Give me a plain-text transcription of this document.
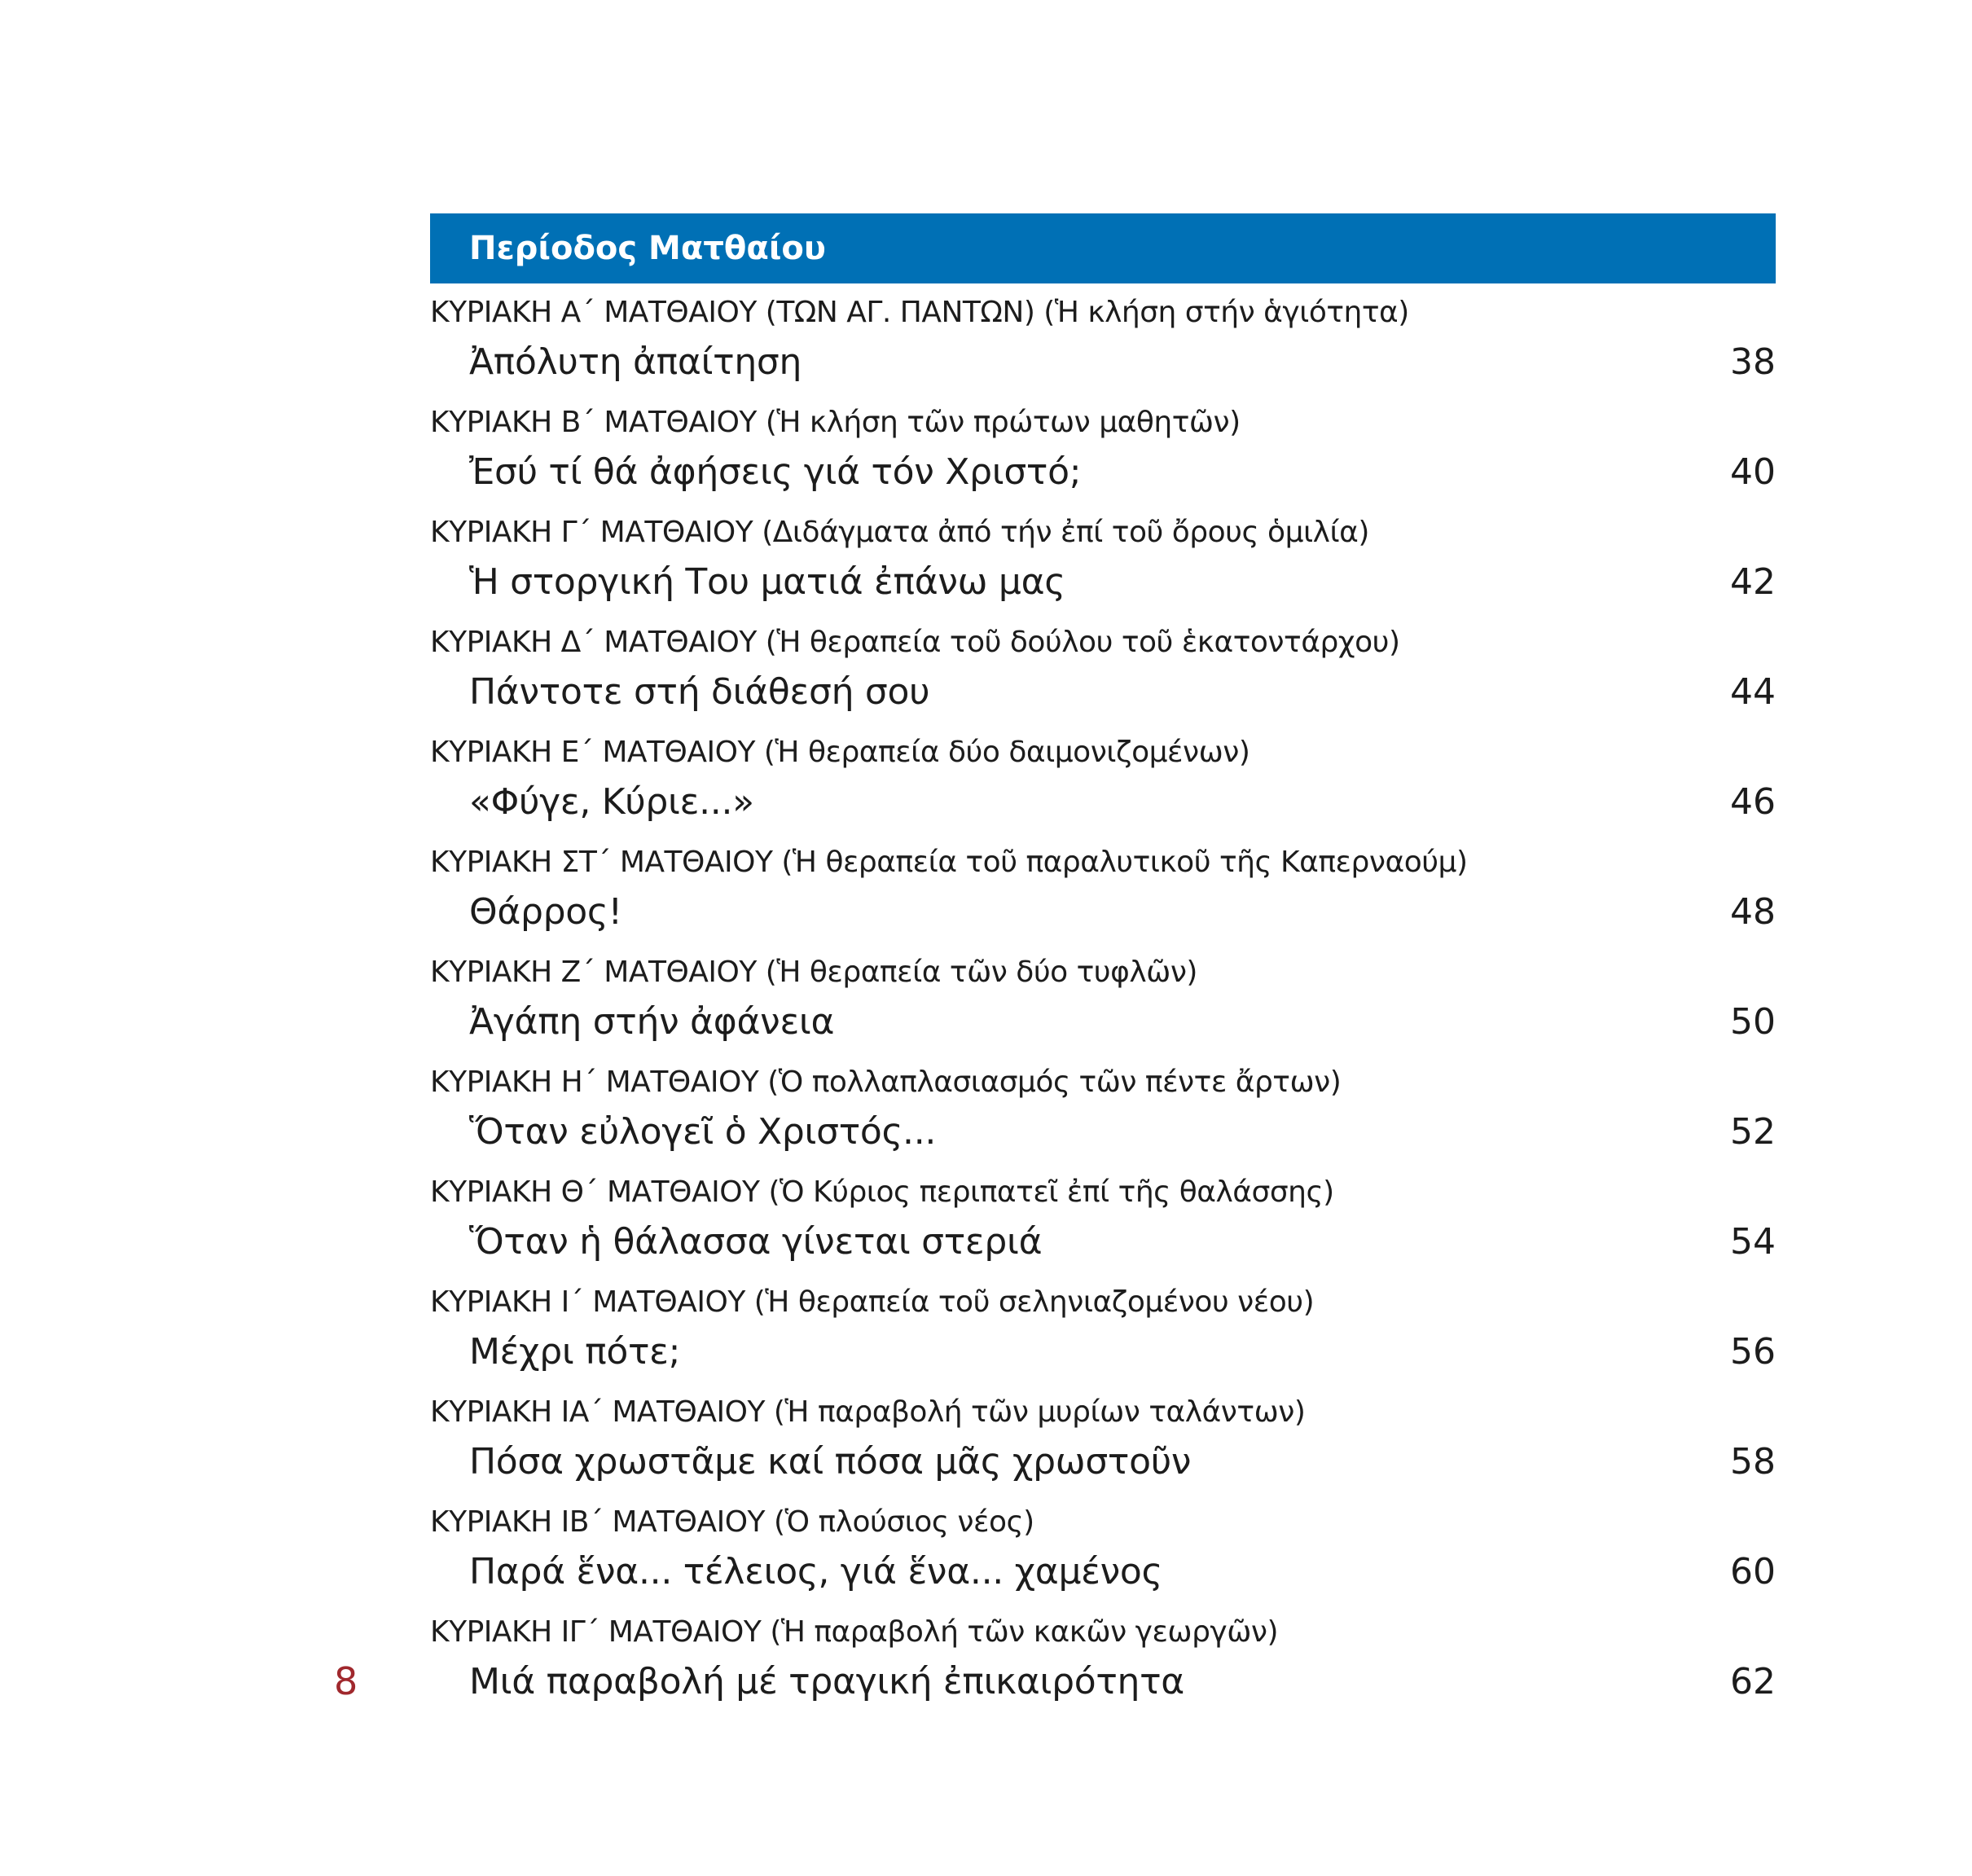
Περίοδος Ματθαίου
ΚΥΡΙΑΚΗ Α΄ ΜΑΤΘΑΙΟΥ (ΤΩΝ ΑΓ. ΠΑΝΤΩΝ) (Ἡ κλήση στήν ἁγιότητα)
Ἀπόλυτη ἀπαίτηση	38
ΚΥΡΙΑΚΗ Β΄ ΜΑΤΘΑΙΟΥ (Ἡ κλήση τῶν πρώτων μαθητῶν)
Ἐσύ τί θά ἀφήσεις γιά τόν Χριστό;	40
ΚΥΡΙΑΚΗ Γ΄ ΜΑΤΘΑΙΟΥ (Διδάγματα ἀπό τήν ἐπί τοῦ ὄρους ὁμιλία)
Ἡ στοργική Του ματιά ἐπάνω μας	42
ΚΥΡΙΑΚΗ Δ΄ ΜΑΤΘΑΙΟΥ (Ἡ θεραπεία τοῦ δούλου τοῦ ἑκατοντάρχου)
Πάντοτε στή διάθεσή σου	44
ΚΥΡΙΑΚΗ Ε΄ ΜΑΤΘΑΙΟΥ (Ἡ θεραπεία δύο δαιμονιζομένων)
«Φύγε, Κύριε...»	46
ΚΥΡΙΑΚΗ ΣΤ΄ ΜΑΤΘΑΙΟΥ (Ἡ θεραπεία τοῦ παραλυτικοῦ τῆς Καπερναούμ)
Θάρρος!	48
ΚΥΡΙΑΚΗ Ζ΄ ΜΑΤΘΑΙΟΥ (Ἡ θεραπεία τῶν δύο τυφλῶν)
Ἀγάπη στήν ἀφάνεια	50
ΚΥΡΙΑΚΗ Η΄ ΜΑΤΘΑΙΟΥ (Ὁ πολλαπλασιασμός τῶν πέντε ἄρτων)
Ὅταν εὐλογεῖ ὁ Χριστός...	52
ΚΥΡΙΑΚΗ Θ΄ ΜΑΤΘΑΙΟΥ (Ὁ Κύριος περιπατεῖ ἐπί τῆς θαλάσσης)
Ὅταν ἡ θάλασσα γίνεται στεριά	54
ΚΥΡΙΑΚΗ Ι΄ ΜΑΤΘΑΙΟΥ (Ἡ θεραπεία τοῦ σεληνιαζομένου νέου)
Μέχρι πότε;	56
ΚΥΡΙΑΚΗ ΙΑ΄ ΜΑΤΘΑΙΟΥ (Ἡ παραβολή τῶν μυρίων ταλάντων)
Πόσα χρωστᾶμε καί πόσα μᾶς χρωστοῦν	58
ΚΥΡΙΑΚΗ ΙΒ΄ ΜΑΤΘΑΙΟΥ (Ὁ πλούσιος νέος)
Παρά ἕνα... τέλειος, γιά ἕνα... χαμένος	60
ΚΥΡΙΑΚΗ ΙΓ΄ ΜΑΤΘΑΙΟΥ (Ἡ παραβολή τῶν κακῶν γεωργῶν)
Μιά παραβολή μέ τραγική ἐπικαιρότητα	62
8
